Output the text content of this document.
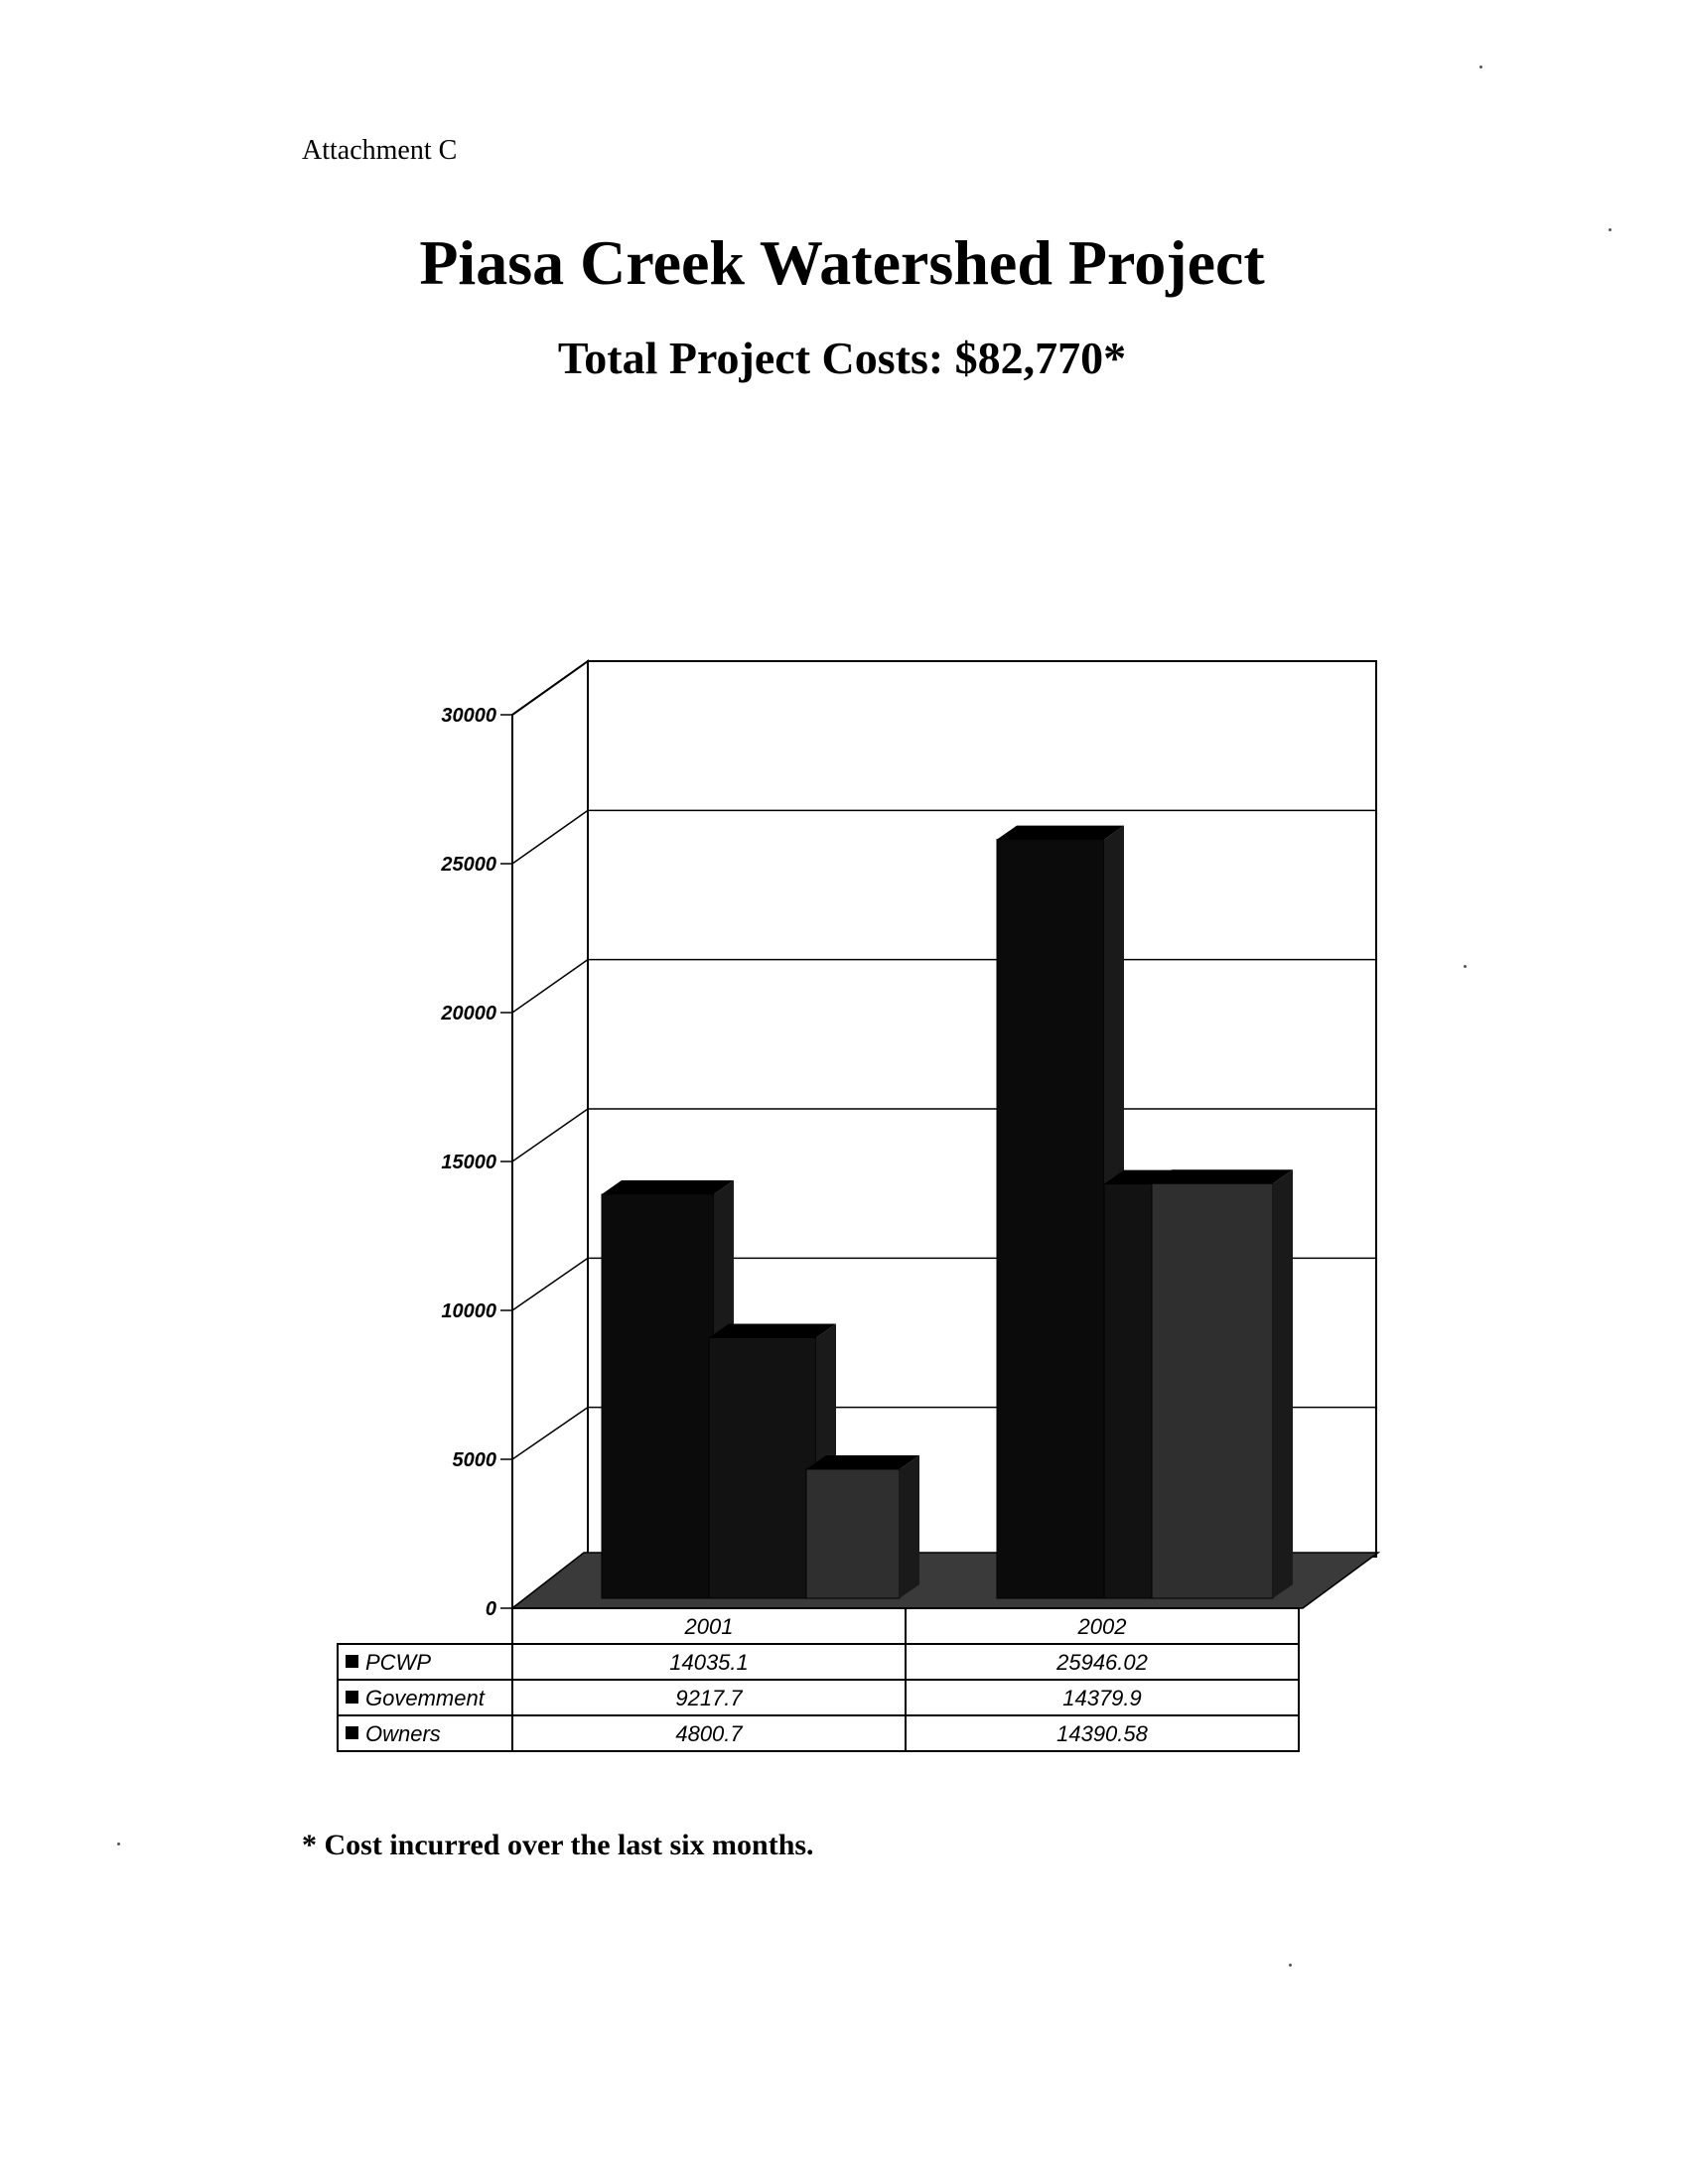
Attachment C
Piasa Creek Watershed Project
Total Project Costs: $82,770*
0
5000
10000
15000
20000
25000
30000
2001	2002
PCWP	14035.1	25946.02
Govemment	9217.7	14379.9
Owners	4800.7	14390.58
* Cost incurred over the last six months.
